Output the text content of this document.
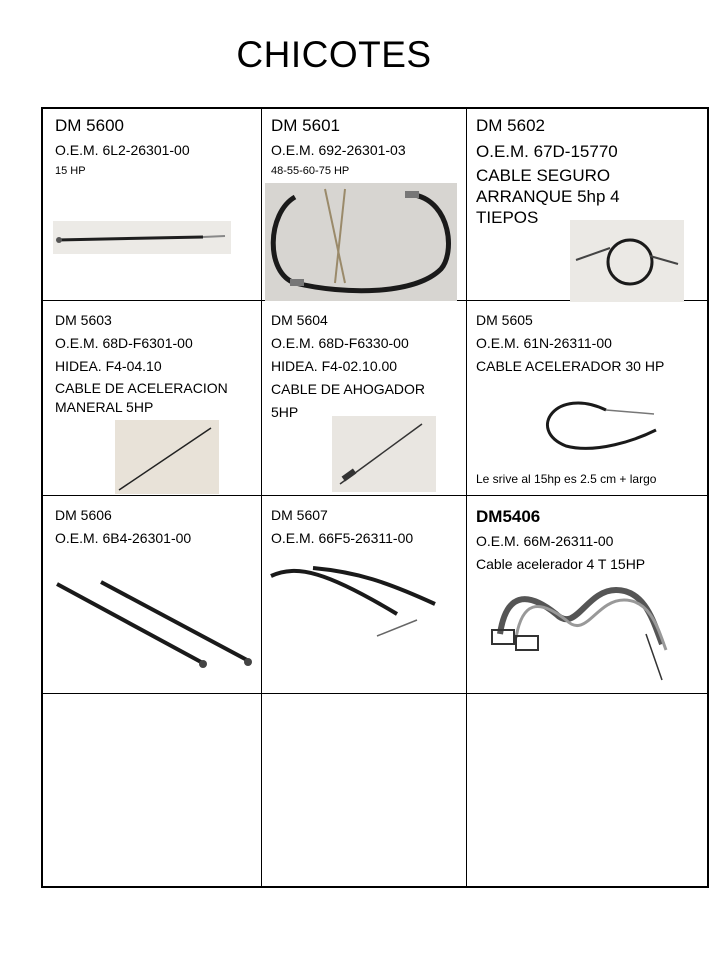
CHICOTES
DM 5600
O.E.M. 6L2-26301-00
15 HP
DM 5601
O.E.M. 692-26301-03
48-55-60-75 HP
DM 5602
O.E.M. 67D-15770
CABLE SEGURO
ARRANQUE 5hp 4
TIEPOS
DM 5603
O.E.M. 68D-F6301-00
HIDEA. F4-04.10
CABLE DE ACELERACION
MANERAL 5HP
DM 5604
O.E.M. 68D-F6330-00
HIDEA. F4-02.10.00
CABLE DE AHOGADOR
5HP
DM 5605
O.E.M. 61N-26311-00
CABLE ACELERADOR 30 HP
Le srive al 15hp es 2.5 cm + largo
DM 5606
O.E.M. 6B4-26301-00
DM 5607
O.E.M. 66F5-26311-00
DM5406
O.E.M. 66M-26311-00
Cable acelerador 4 T 15HP
